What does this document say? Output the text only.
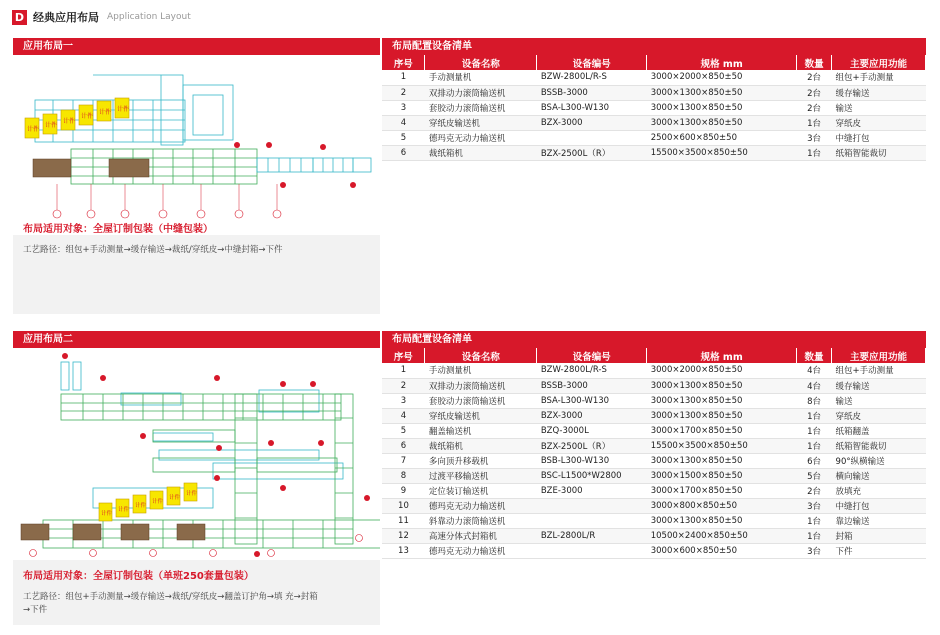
D 经典应用布局 Application Layout
应用布局一
计件
计件
计件
计件
计件 计件
布局适用对象：全屋订制包装（中缝包装）
工艺路径：组包+手动测量→缓存输送→裁纸/穿纸皮→中缝封箱→下件
布局配置设备清单
序号	设备名称	设备编号	规格 mm	数量	主要应用功能
1	手动测量机	BZW-2800L/R-S	3000×2000×850±50	2台	组包+手动测量
2	双排动力滚筒输送机	BSSB-3000	3000×1300×850±50	2台	缓存输送
3	套胶动力滚筒输送机	BSA-L300-W130	3000×1300×850±50	2台	输送
4	穿纸皮输送机	BZX-3000	3000×1300×850±50	1台	穿纸皮
5	德玛克无动力输送机		2500×600×850±50	3台	中缝打包
6	裁纸箱机	BZX-2500L（R）	15500×3500×850±50	1台	纸箱智能裁切
应用布局二
计件
计件
计件
计件
计件
计件
布局适用对象：全屋订制包装（单班250套量包装）
工艺路径：组包+手动测量→缓存输送→裁纸/穿纸皮→翻盖订护角→填 充→封箱
→下件
布局配置设备清单
序号	设备名称	设备编号	规格 mm	数量	主要应用功能
1	手动测量机	BZW-2800L/R-S	3000×2000×850±50	4台	组包+手动测量
2	双排动力滚筒输送机	BSSB-3000	3000×1300×850±50	4台	缓存输送
3	套胶动力滚筒输送机	BSA-L300-W130	3000×1300×850±50	8台	输送
4	穿纸皮输送机	BZX-3000	3000×1300×850±50	1台	穿纸皮
5	翻盖输送机	BZQ-3000L	3000×1700×850±50	1台	纸箱翻盖
6	裁纸箱机	BZX-2500L（R）	15500×3500×850±50	1台	纸箱智能裁切
7	多向顶升移载机	BSB-L300-W130	3000×1300×850±50	6台	90°纵横输送
8	过渡平移输送机	BSC-L1500*W2800	3000×1500×850±50	5台	横向输送
9	定位装订输送机	BZE-3000	3000×1700×850±50	2台	放填充
10	德玛克无动力输送机		3000×800×850±50	3台	中缝打包
11	斜靠动力滚筒输送机		3000×1300×850±50	1台	靠边输送
12	高速分体式封箱机	BZL-2800L/R	10500×2400×850±50	1台	封箱
13	德玛克无动力输送机		3000×600×850±50	3台	下件
